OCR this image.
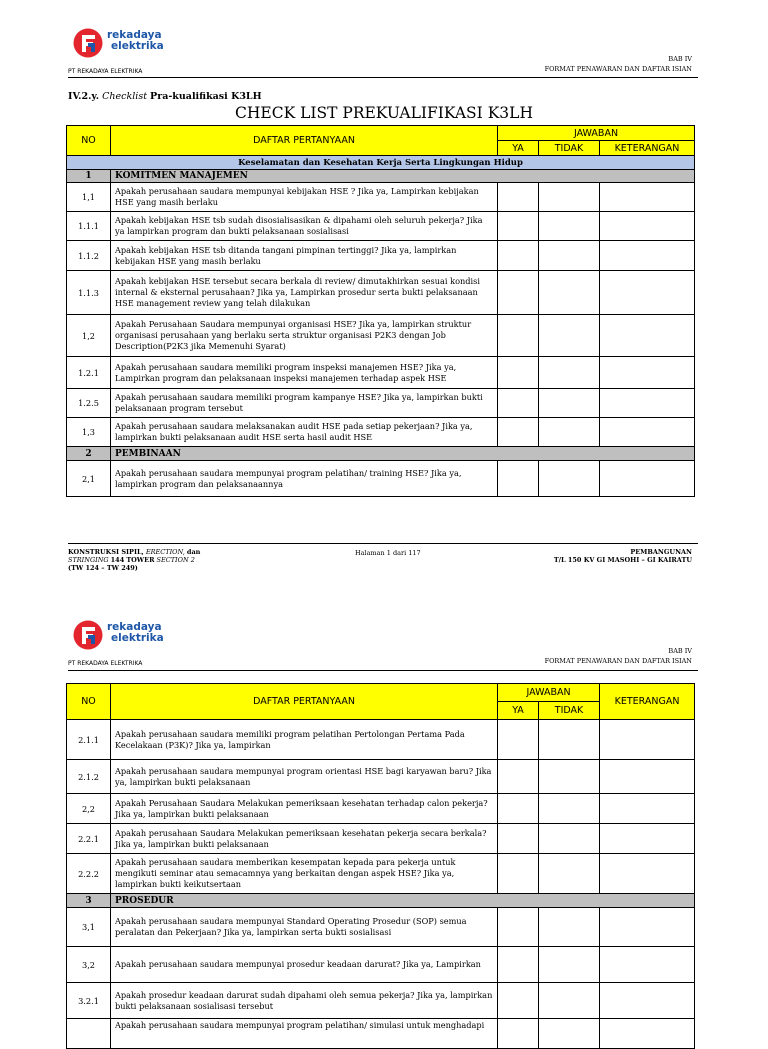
rekadaya
elektrika
PT REKADAYA ELEKTRIKA
BAB IV
FORMAT PENAWARAN DAN DAFTAR ISIAN
IV.2.y. Checklist Pra-kualifikasi K3LH
CHECK LIST PREKUALIFIKASI K3LH
NO	DAFTAR PERTANYAAN	JAWABAN		
		YA	TIDAK	KETERANGAN
Keselamatan dan Kesehatan Kerja Serta Lingkungan Hidup				
1	KOMITMEN MANAJEMEN			
1,1	Apakah perusahaan saudara mempunyai kebijakan HSE ? Jika ya, Lampirkan kebijakan HSE yang masih berlaku			
1.1.1	Apakah kebijakan HSE tsb sudah disosialisasikan & dipahami oleh seluruh pekerja? Jika ya lampirkan program dan bukti pelaksanaan sosialisasi			
1.1.2	Apakah kebijakan HSE tsb ditanda tangani pimpinan tertinggi? Jika ya, lampirkan kebijakan HSE yang masih berlaku			
1.1.3	Apakah kebijakan HSE tersebut secara berkala di review/ dimutakhirkan sesuai kondisi internal & eksternal perusahaan? Jika ya, Lampirkan prosedur serta bukti pelaksanaan HSE management review yang telah dilakukan			
1,2	Apakah Perusahaan Saudara mempunyai organisasi HSE? Jika ya, lampirkan struktur organisasi perusahaan yang berlaku serta struktur organisasi P2K3 dengan Job Description(P2K3 jika Memenuhi Syarat)			
1.2.1	Apakah perusahaan saudara memiliki program inspeksi manajemen HSE? Jika ya, Lampirkan program dan pelaksanaan inspeksi manajemen terhadap aspek HSE			
1.2.5	Apakah perusahaan saudara memiliki program kampanye HSE? Jika ya, lampirkan bukti pelaksanaan program tersebut			
1,3	Apakah perusahaan saudara melaksanakan audit HSE pada setiap pekerjaan? Jika ya, lampirkan bukti pelaksanaan audit HSE serta hasil audit HSE			
2	PEMBINAAN			
2,1	Apakah perusahaan saudara mempunyai program pelatihan/ training HSE? Jika ya, lampirkan program dan pelaksanaannya			
KONSTRUKSI SIPIL, ERECTION, dan
STRINGING 144 TOWER SECTION 2
(TW 124 – TW 249)
Halaman 1 dari 117	PEMBANGUNAN
T/L 150 KV GI MASOHI – GI KAIRATU
rekadaya
elektrika
PT REKADAYA ELEKTRIKA
BAB IV
FORMAT PENAWARAN DAN DAFTAR ISIAN
NO	DAFTAR PERTANYAAN	JAWABAN		KETERANGAN
		YA	TIDAK	
2.1.1	Apakah perusahaan saudara memiliki program pelatihan Pertolongan Pertama Pada Kecelakaan (P3K)? Jika ya, lampirkan			
2.1.2	Apakah perusahaan saudara mempunyai program orientasi HSE bagi karyawan baru? Jika ya, lampirkan bukti pelaksanaan			
2,2	Apakah Perusahaan Saudara Melakukan pemeriksaan kesehatan terhadap calon pekerja? Jika ya, lampirkan bukti pelaksanaan			
2.2.1	Apakah perusahaan Saudara Melakukan pemeriksaan kesehatan pekerja secara berkala? Jika ya, lampirkan bukti pelaksanaan			
2.2.2	Apakah perusahaan saudara memberikan kesempatan kepada para pekerja untuk mengikuti seminar atau semacamnya yang berkaitan dengan aspek HSE? Jika ya, lampirkan bukti keikutsertaan			
3	PROSEDUR			
3,1	Apakah perusahaan saudara mempunyai Standard Operating Prosedur (SOP) semua peralatan dan Pekerjaan? Jika ya, lampirkan serta bukti sosialisasi			
3,2	Apakah perusahaan saudara mempunyai prosedur keadaan darurat? Jika ya, Lampirkan			
3.2.1	Apakah prosedur keadaan darurat sudah dipahami oleh semua pekerja? Jika ya, lampirkan bukti pelaksanaan sosialisasi tersebut			
	Apakah perusahaan saudara mempunyai program pelatihan/ simulasi untuk menghadapi			
